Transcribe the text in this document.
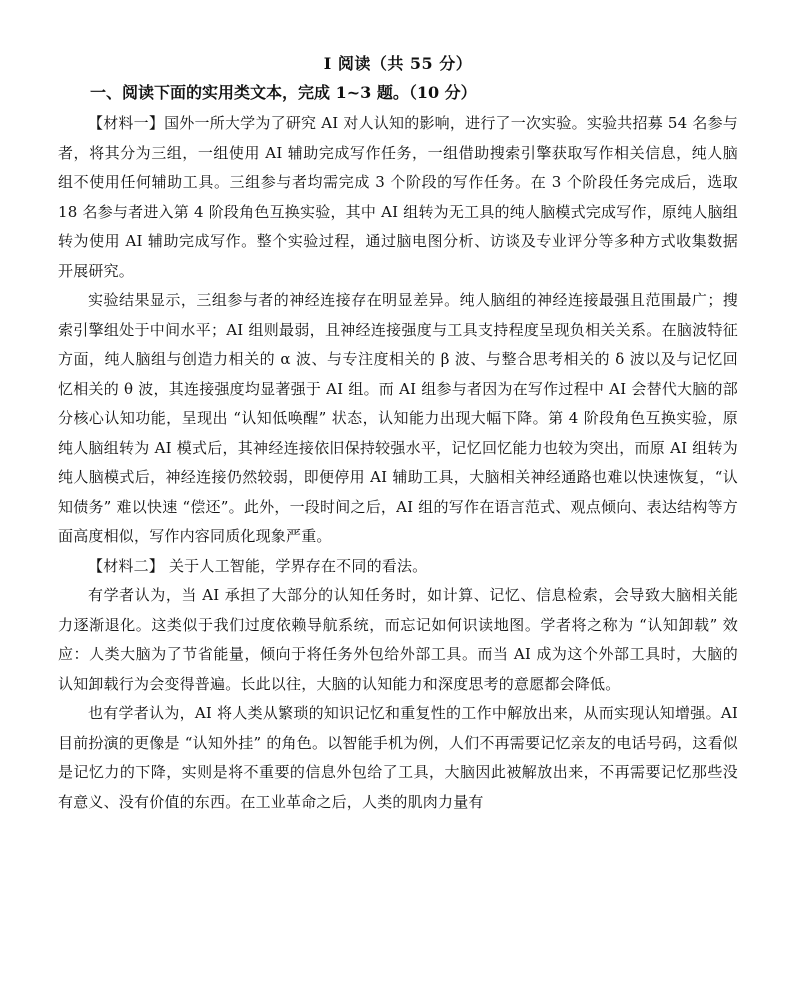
Ⅰ 阅读（共 55 分）
一、阅读下面的实用类文本，完成 1~3 题。（10 分）

【材料一】国外一所大学为了研究 AI 对人认知的影响，进行了一次实验。实验共招募 54 名参与者，将其分为三组，一组使用 AI 辅助完成写作任务，一组借助搜索引擎获取写作相关信息，纯人脑组不使用任何辅助工具。三组参与者均需完成 3 个阶段的写作任务。在 3 个阶段任务完成后，选取 18 名参与者进入第 4 阶段角色互换实验，其中 AI 组转为无工具的纯人脑模式完成写作，原纯人脑组转为使用 AI 辅助完成写作。整个实验过程，通过脑电图分析、访谈及专业评分等多种方式收集数据开展研究。

实验结果显示，三组参与者的神经连接存在明显差异。纯人脑组的神经连接最强且范围最广；搜索引擎组处于中间水平；AI 组则最弱，且神经连接强度与工具支持程度呈现负相关关系。在脑波特征方面，纯人脑组与创造力相关的 α 波、与专注度相关的 β 波、与整合思考相关的 δ 波以及与记忆回忆相关的 θ 波，其连接强度均显著强于 AI 组。而 AI 组参与者因为在写作过程中 AI 会替代大脑的部分核心认知功能，呈现出 “认知低唤醒” 状态，认知能力出现大幅下降。第 4 阶段角色互换实验，原纯人脑组转为 AI 模式后，其神经连接依旧保持较强水平，记忆回忆能力也较为突出，而原 AI 组转为纯人脑模式后，神经连接仍然较弱，即便停用 AI 辅助工具，大脑相关神经通路也难以快速恢复，“认知债务” 难以快速 “偿还”。此外，一段时间之后，AI 组的写作在语言范式、观点倾向、表达结构等方面高度相似，写作内容同质化现象严重。

【材料二】 关于人工智能，学界存在不同的看法。

有学者认为，当 AI 承担了大部分的认知任务时，如计算、记忆、信息检索，会导致大脑相关能力逐渐退化。这类似于我们过度依赖导航系统，而忘记如何识读地图。学者将之称为 “认知卸载” 效应：人类大脑为了节省能量，倾向于将任务外包给外部工具。而当 AI 成为这个外部工具时，大脑的认知卸载行为会变得普遍。长此以往，大脑的认知能力和深度思考的意愿都会降低。

也有学者认为，AI 将人类从繁琐的知识记忆和重复性的工作中解放出来，从而实现认知增强。AI 目前扮演的更像是 “认知外挂” 的角色。以智能手机为例，人们不再需要记忆亲友的电话号码，这看似是记忆力的下降，实则是将不重要的信息外包给了工具，大脑因此被解放出来，不再需要记忆那些没有意义、没有价值的东西。在工业革命之后，人类的肌肉力量有
